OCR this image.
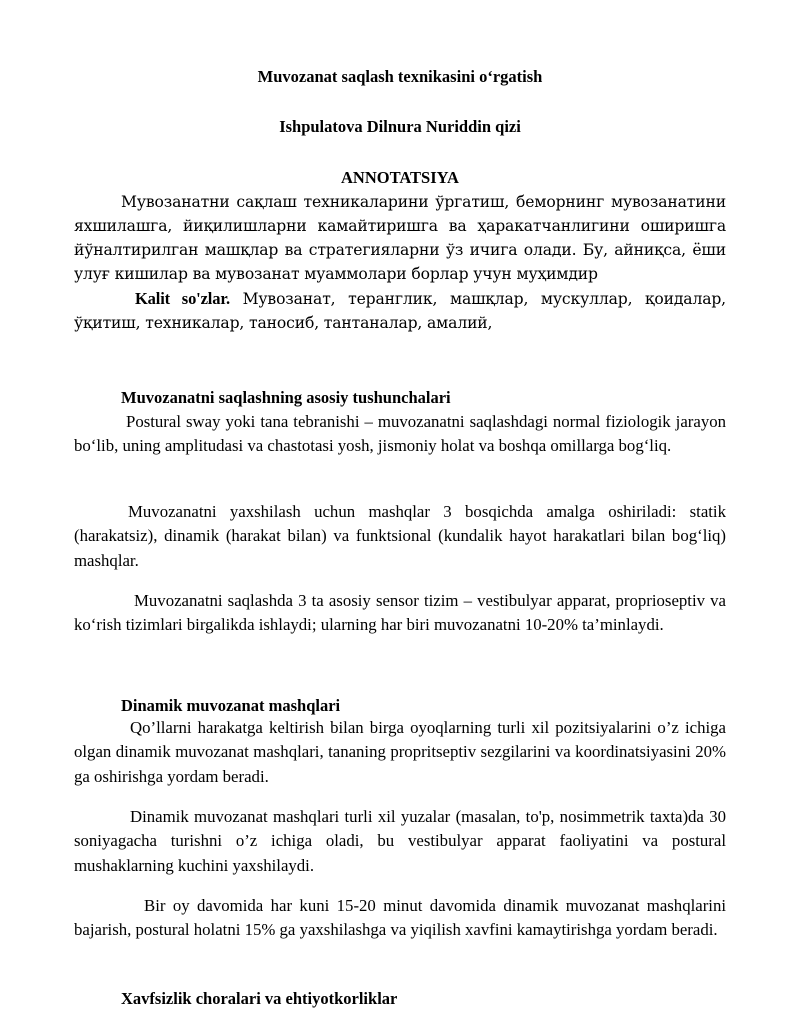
Muvozanat saqlash texnikasini o‘rgatish
Ishpulatova Dilnura Nuriddin qizi
ANNOTATSIYA
Мувозанатни сақлаш техникаларини ўргатиш, беморнинг мувозанатини яхшилашга, йиқилишларни камайтиришга ва ҳаракатчанлигини оширишга йўналтирилган машқлар ва стратегияларни ўз ичига олади. Бу, айниқса, ёши улуғ кишилар ва мувозанат муаммолари борлар учун муҳимдир
Kalit so'zlar. Мувозанат, теранглик, машқлар, мускуллар, қоидалар, ўқитиш, техникалар, таносиб, тантаналар, амалий,
Muvozanatni saqlashning asosiy tushunchalari
Postural sway yoki tana tebranishi – muvozanatni saqlashdagi normal fiziologik jarayon bo‘lib, uning amplitudasi va chastotasi yosh, jismoniy holat va boshqa omillarga bog‘liq.
Muvozanatni yaxshilash uchun mashqlar 3 bosqichda amalga oshiriladi: statik (harakatsiz), dinamik (harakat bilan) va funktsional (kundalik hayot harakatlari bilan bog‘liq) mashqlar.
Muvozanatni saqlashda 3 ta asosiy sensor tizim – vestibulyar apparat, proprioseptiv va ko‘rish tizimlari birgalikda ishlaydi; ularning har biri muvozanatni 10-20% ta’minlaydi.
Dinamik muvozanat mashqlari
Qo’llarni harakatga keltirish bilan birga oyoqlarning turli xil pozitsiyalarini o’z ichiga olgan dinamik muvozanat mashqlari, tananing propritseptiv sezgilarini va koordinatsiyasini 20% ga oshirishga yordam beradi.
Dinamik muvozanat mashqlari turli xil yuzalar (masalan, to'p, nosimmetrik taxta)da 30 soniyagacha turishni o’z ichiga oladi, bu vestibulyar apparat faoliyatini va postural mushaklarning kuchini yaxshilaydi.
Bir oy davomida har kuni 15-20 minut davomida dinamik muvozanat mashqlarini bajarish, postural holatni 15% ga yaxshilashga va yiqilish xavfini kamaytirishga yordam beradi.
Xavfsizlik choralari va ehtiyotkorliklar
